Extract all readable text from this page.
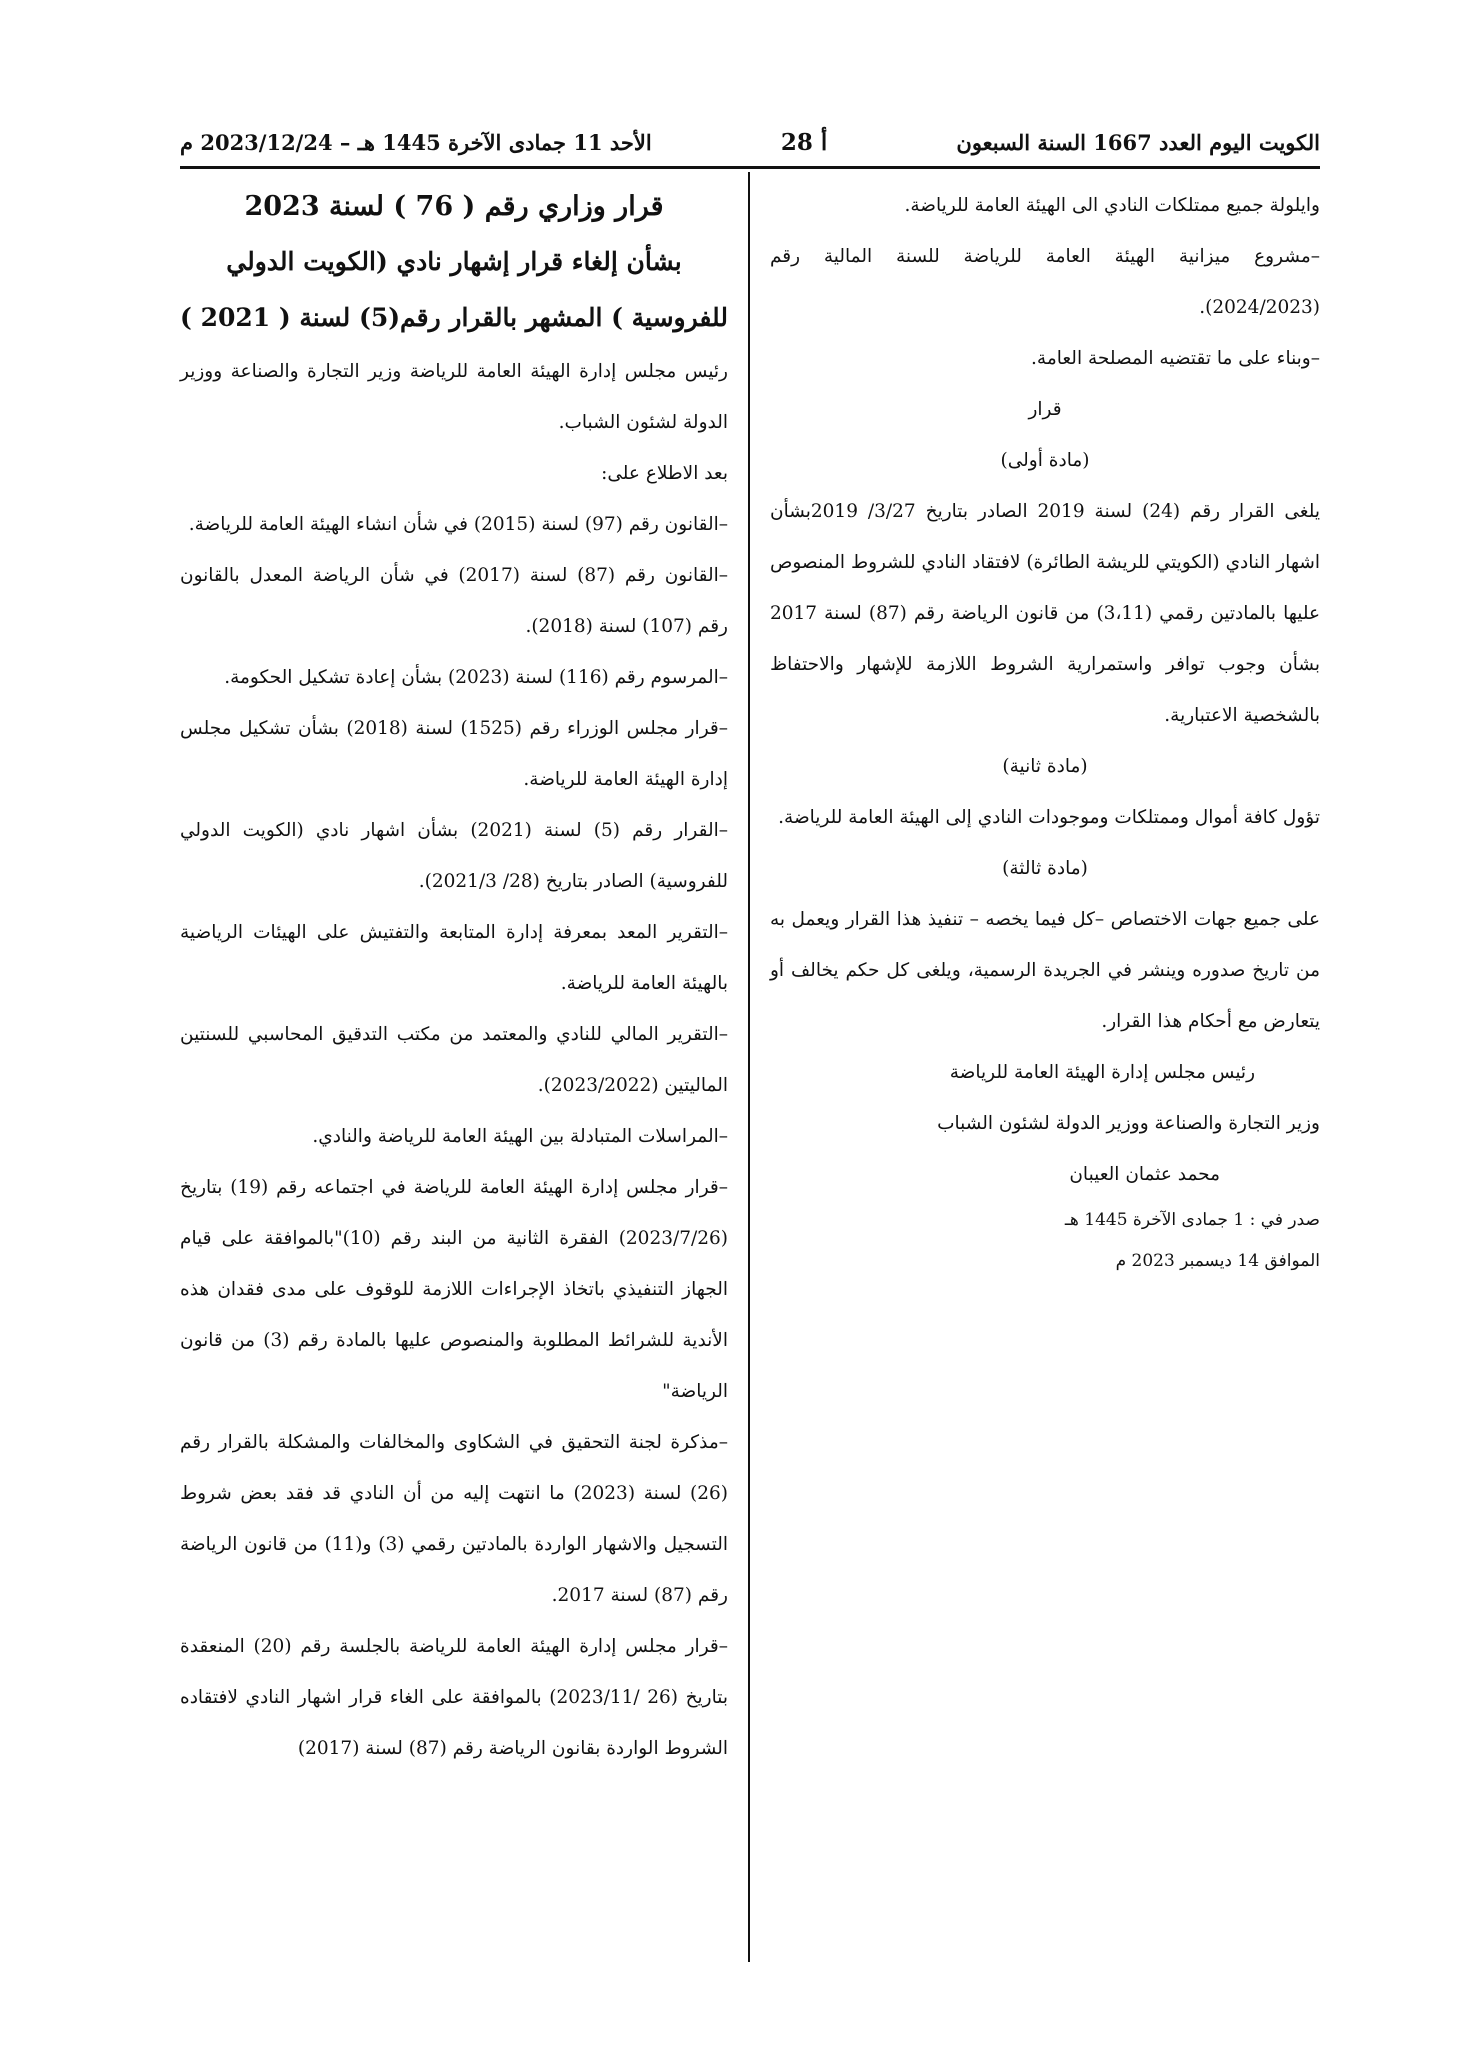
الكويت اليوم العدد 1667 السنة السبعون
أ 28
الأحد 11 جمادى الآخرة 1445 هـ – 2023/12/24 م

وايلولة جميع ممتلكات النادي الى الهيئة العامة للرياضة.

–مشروع ميزانية الهيئة العامة للرياضة للسنة المالية رقم (2024/2023).

–وبناء على ما تقتضيه المصلحة العامة.

قرار

(مادة أولى)

يلغى القرار رقم (24) لسنة 2019 الصادر بتاريخ 3/27/ 2019بشأن اشهار النادي (الكويتي للريشة الطائرة) لافتقاد النادي للشروط المنصوص عليها بالمادتين رقمي (3،11) من قانون الرياضة رقم (87) لسنة 2017 بشأن وجوب توافر واستمرارية الشروط اللازمة للإشهار والاحتفاظ بالشخصية الاعتبارية.

(مادة ثانية)

تؤول كافة أموال وممتلكات وموجودات النادي إلى الهيئة العامة للرياضة.

(مادة ثالثة)

على جميع جهات الاختصاص –كل فيما يخصه – تنفيذ هذا القرار ويعمل به من تاريخ صدوره وينشر في الجريدة الرسمية، ويلغى كل حكم يخالف أو يتعارض مع أحكام هذا القرار.

رئيس مجلس إدارة الهيئة العامة للرياضة

وزير التجارة والصناعة ووزير الدولة لشئون الشباب

محمد عثمان العيبان

صدر في : 1 جمادى الآخرة 1445 هـ

الموافق 14 ديسمبر 2023 م

قرار وزاري رقم ( 76 ) لسنة 2023

بشأن إلغاء قرار إشهار نادي (الكويت الدولي

للفروسية ) المشهر بالقرار رقم(5) لسنة ( 2021 )

رئيس مجلس إدارة الهيئة العامة للرياضة وزير التجارة والصناعة ووزير الدولة لشئون الشباب.

بعد الاطلاع على:

–القانون رقم (97) لسنة (2015) في شأن انشاء الهيئة العامة للرياضة.

–القانون رقم (87) لسنة (2017) في شأن الرياضة المعدل بالقانون رقم (107) لسنة (2018).

–المرسوم رقم (116) لسنة (2023) بشأن إعادة تشكيل الحكومة.

–قرار مجلس الوزراء رقم (1525) لسنة (2018) بشأن تشكيل مجلس إدارة الهيئة العامة للرياضة.

–القرار رقم (5) لسنة (2021) بشأن اشهار نادي (الكويت الدولي للفروسية) الصادر بتاريخ (28/ 2021/3).

–التقرير المعد بمعرفة إدارة المتابعة والتفتيش على الهيئات الرياضية بالهيئة العامة للرياضة.

–التقرير المالي للنادي والمعتمد من مكتب التدقيق المحاسبي للسنتين الماليتين (2023/2022).

–المراسلات المتبادلة بين الهيئة العامة للرياضة والنادي.

–قرار مجلس إدارة الهيئة العامة للرياضة في اجتماعه رقم (19) بتاريخ (2023/7/26) الفقرة الثانية من البند رقم (10)"بالموافقة على قيام الجهاز التنفيذي باتخاذ الإجراءات اللازمة للوقوف على مدى فقدان هذه الأندية للشرائط المطلوبة والمنصوص عليها بالمادة رقم (3) من قانون الرياضة"

–مذكرة لجنة التحقيق في الشكاوى والمخالفات والمشكلة بالقرار رقم (26) لسنة (2023) ما انتهت إليه من أن النادي قد فقد بعض شروط التسجيل والاشهار الواردة بالمادتين رقمي (3) و(11) من قانون الرياضة رقم (87) لسنة 2017.

–قرار مجلس إدارة الهيئة العامة للرياضة بالجلسة رقم (20) المنعقدة بتاريخ (26 /2023/11) بالموافقة على الغاء قرار اشهار النادي لافتقاده الشروط الواردة بقانون الرياضة رقم (87) لسنة (2017)
